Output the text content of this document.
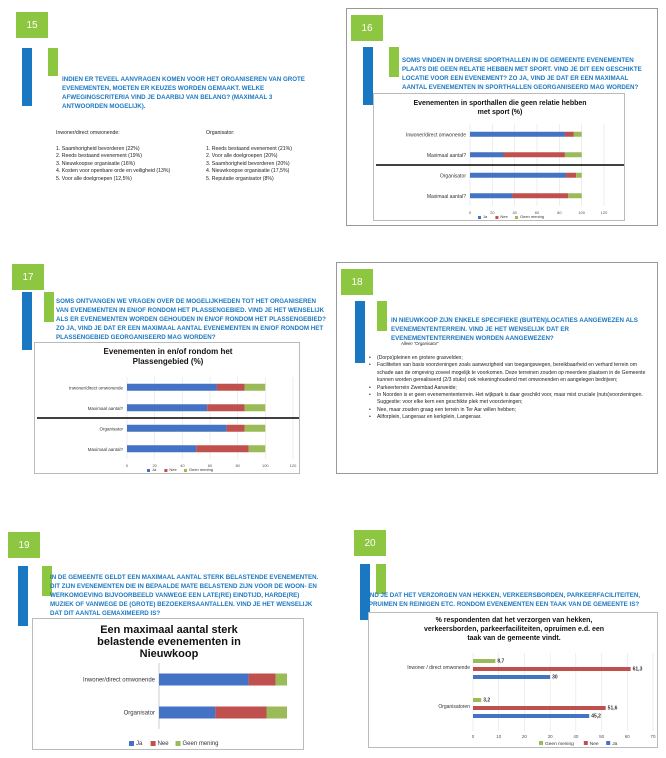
15
INDIEN ER TEVEEL AANVRAGEN KOMEN VOOR HET ORGANISEREN VAN GROTE EVENEMENTEN, MOETEN ER KEUZES WORDEN GEMAAKT. WELKE AFWEGINGSCRITERIA VIND JE DAARBIJ VAN BELANG? (MAXIMAAL 3 ANTWOORDEN MOGELIJK).
Inwoner/direct omwonende:
1. Saamhorigheid bevorderen (22%)
2. Reeds bestaand evenement (19%)
3. Nieuwkoopse organisatie (16%)
4. Kosten voor openbare orde en veiligheid (13%)
5. Voor alle doelgroepen (12,5%)
Organisator:
1. Reeds bestaand evenement (21%)
2. Voor alle doelgroepen (20%)
3. Saamhorigheid bevorderen (20%)
4. Nieuwkoopse organisatie (17,5%)
5. Reputatie organisator (8%)
16
SOMS VINDEN IN DIVERSE SPORTHALLEN IN DE GEMEENTE EVENEMENTEN PLAATS DIE GEEN RELATIE HEBBEN MET SPORT. VIND JE DIT EEN GESCHIKTE LOCATIE VOOR EEN EVENEMENT? ZO JA, VIND JE DAT ER EEN MAXIMAAL AANTAL EVENEMENTEN IN SPORTHALLEN GEORGANISEERD MAG WORDEN?
Evenementen in sporthallen die geen relatie hebben
met sport (%)
0	20	40	60	80	100	120
Inwoner/direct omwonende
Maximaal aantal?
Organisator
Maximaal aantal?
Ja	Nee	Geen mening
17
SOMS ONTVANGEN WE VRAGEN OVER DE MOGELIJKHEDEN TOT HET ORGANISEREN VAN EVENEMENTEN IN EN/OF RONDOM HET PLASSENGEBIED. VIND JE HET WENSELIJK ALS ER EVENEMENTEN WORDEN GEHOUDEN IN EN/OF RONDOM HET PLASSENGEBIED? ZO JA, VIND JE DAT ER EEN MAXIMAAL AANTAL EVENEMENTEN IN EN/OF RONDOM HET PLASSENGEBIED GEORGANISEERD MAG WORDEN?
Evenementen in en/of rondom het
Plassengebied (%)
0	20	40	60	80	100	120
Inwoner/direct omwonende
Maximaal aantal?
Organisator
Maximaal aantal?
Ja	Nee	Geen mening
18
IN NIEUWKOOP ZIJN ENKELE SPECIFIEKE (BUITEN)LOCATIES AANGEWEZEN ALS EVENEMENTENTERREIN. VIND JE HET WENSELIJK DAT ER EVENEMENTENTERREINEN WORDEN AANGEWEZEN?
Alleen "Organisator"
• (Dorps)pleinen en grotere grasvelden;
• Faciliteiten van basis voorzieningen zoals aanwezigheid van toegangswegen, bereikbaarheid en verhard terrein om schade aan de omgeving zoveel mogelijk te voorkomen. Deze terreinen zouden op meerdere plaatsen in de Gemeente kunnen worden gerealiseerd (2/3 stuks) ook rekeninghoudend met omwonenden en aangelegen bedrijven;
• Parkeerterrein Zwembad Aarweide;
• In Noorden is er geen evenemententerrein. Het wijkpark is daar geschikt voor, maar mist cruciale (nuts)voorzieningen. Suggestie: voor elke kern een geschikte plek met voorzieningen;
• Nee, maar zouden graag een terrein in Ter Aar willen hebben;
• Aliforplein, Langeraar en kerkplein, Langeraar.
19
IN DE GEMEENTE GELDT EEN MAXIMAAL AANTAL STERK BELASTENDE EVENEMENTEN. DIT ZIJN EVENEMENTEN DIE IN BEPAALDE MATE BELASTEND ZIJN VOOR DE WOON- EN WERKOMGEVING BIJVOORBEELD VANWEGE EEN LATE(RE) EINDTIJD, HARDE(RE) MUZIEK OF VANWEGE DE (GROTE) BEZOEKERSAANTALLEN. VIND JE HET WENSELIJK DAT DIT AANTAL GEMAXIMEERD IS?
Een maximaal aantal sterk
belastende evenementen in
Nieuwkoop
Inwoner/direct omwonende
Organisator
Ja	Nee Geen mening
20
VIND JE DAT HET VERZORGEN VAN HEKKEN, VERKEERSBORDEN, PARKEERFACILITEITEN, OPRUIMEN EN REINIGEN ETC. RONDOM EVENEMENTEN EEN TAAK VAN DE GEMEENTE IS?
% respondenten dat het verzorgen van hekken,
verkeersborden, parkeerfaciliteiten, opruimen e.d. een
taak van de gemeente vindt.
0	10	20	30	40	50	60	70
Inwoner / direct omwonende
8,7
61,3
30
Organisatoren
3,2
51,6
45,2
Geen mening	Nee	Ja
